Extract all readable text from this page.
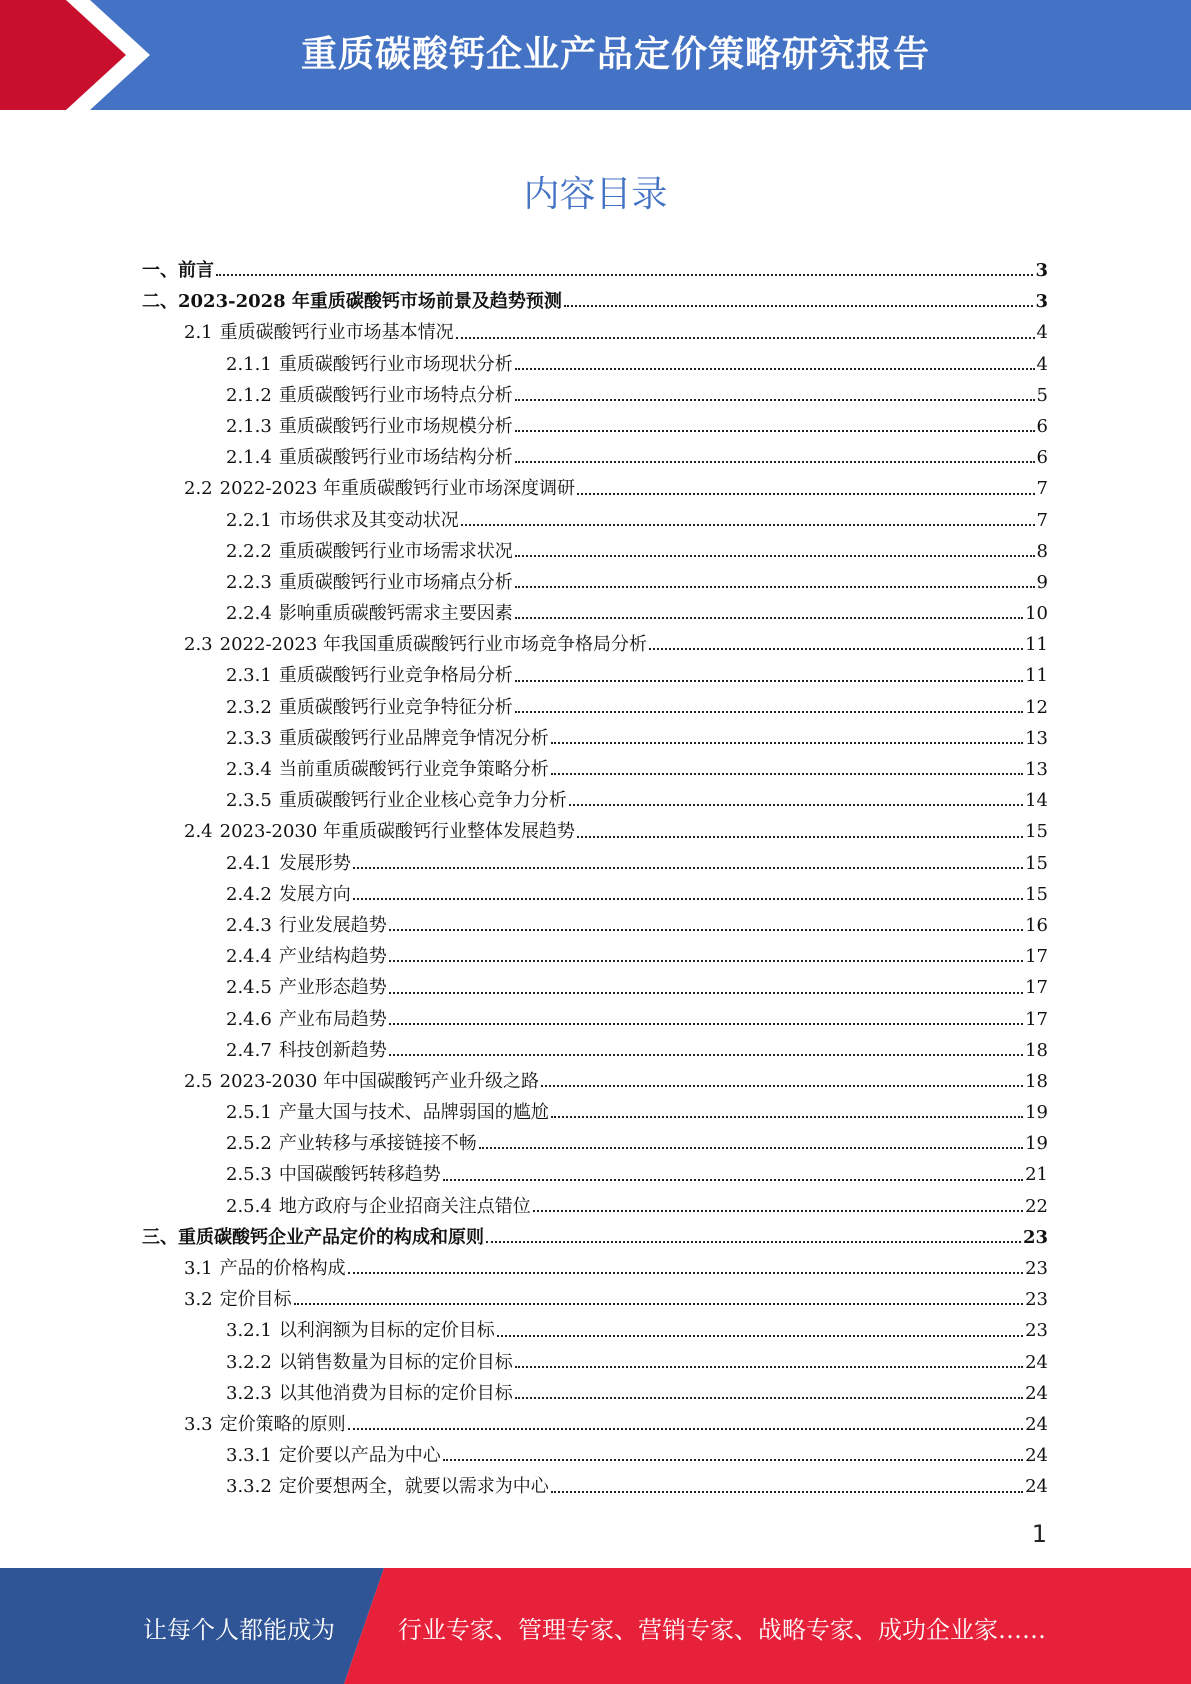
重质碳酸钙企业产品定价策略研究报告
内容目录
一、前言	3
二、2023-2028 年重质碳酸钙市场前景及趋势预测	3
2.1 重质碳酸钙行业市场基本情况	4
2.1.1 重质碳酸钙行业市场现状分析	4
2.1.2 重质碳酸钙行业市场特点分析	5
2.1.3 重质碳酸钙行业市场规模分析	6
2.1.4 重质碳酸钙行业市场结构分析	6
2.2 2022-2023 年重质碳酸钙行业市场深度调研	7
2.2.1 市场供求及其变动状况	7
2.2.2 重质碳酸钙行业市场需求状况	8
2.2.3 重质碳酸钙行业市场痛点分析	9
2.2.4 影响重质碳酸钙需求主要因素	10
2.3 2022-2023 年我国重质碳酸钙行业市场竞争格局分析	11
2.3.1 重质碳酸钙行业竞争格局分析	11
2.3.2 重质碳酸钙行业竞争特征分析	12
2.3.3 重质碳酸钙行业品牌竞争情况分析	13
2.3.4 当前重质碳酸钙行业竞争策略分析	13
2.3.5 重质碳酸钙行业企业核心竞争力分析	14
2.4 2023-2030 年重质碳酸钙行业整体发展趋势	15
2.4.1 发展形势	15
2.4.2 发展方向	15
2.4.3 行业发展趋势	16
2.4.4 产业结构趋势	17
2.4.5 产业形态趋势	17
2.4.6 产业布局趋势	17
2.4.7 科技创新趋势	18
2.5 2023-2030 年中国碳酸钙产业升级之路	18
2.5.1 产量大国与技术、品牌弱国的尴尬	19
2.5.2 产业转移与承接链接不畅	19
2.5.3 中国碳酸钙转移趋势	21
2.5.4 地方政府与企业招商关注点错位	22
三、重质碳酸钙企业产品定价的构成和原则	23
3.1 产品的价格构成	23
3.2 定价目标	23
3.2.1 以利润额为目标的定价目标	23
3.2.2 以销售数量为目标的定价目标	24
3.2.3 以其他消费为目标的定价目标	24
3.3 定价策略的原则	24
3.3.1 定价要以产品为中心	24
3.3.2 定价要想两全，就要以需求为中心	24
1
让每个人都能成为	行业专家、管理专家、营销专家、战略专家、成功企业家……
